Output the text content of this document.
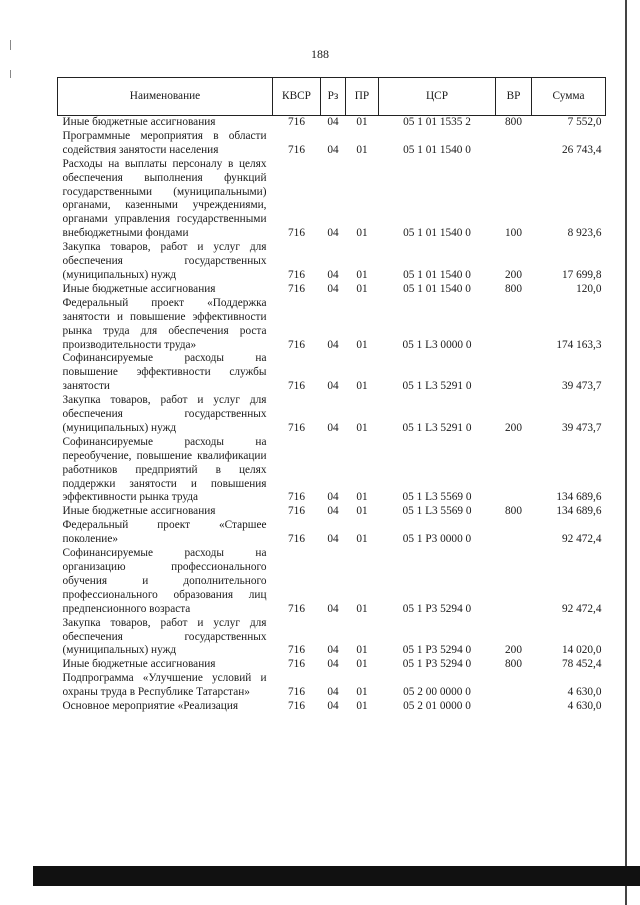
188
Наименование	КВСР	Рз	ПР	ЦСР	ВР	Сумма
Иные бюджетные ассигнования	716	04	01	05 1 01 1535 2	800	7 552,0
Программные мероприятия в области содействия занятости населения	716	04	01	05 1 01 1540 0		26 743,4
Расходы на выплаты персоналу в целях обеспечения выполнения функций государственными (муниципальными) органами, казенными учреждениями, органами управления государственными внебюджетными фондами	716	04	01	05 1 01 1540 0	100	8 923,6
Закупка товаров, работ и услуг для обеспечения государственных (муниципальных) нужд	716	04	01	05 1 01 1540 0	200	17 699,8
Иные бюджетные ассигнования	716	04	01	05 1 01 1540 0	800	120,0
Федеральный проект «Поддержка занятости и повышение эффективности рынка труда для обеспечения роста производительности труда»	716	04	01	05 1 L3 0000 0		174 163,3
Софинансируемые расходы на повышение эффективности службы занятости	716	04	01	05 1 L3 5291 0		39 473,7
Закупка товаров, работ и услуг для обеспечения государственных (муниципальных) нужд	716	04	01	05 1 L3 5291 0	200	39 473,7
Софинансируемые расходы на переобучение, повышение квалификации работников предприятий в целях поддержки занятости и повышения эффективности рынка труда	716	04	01	05 1 L3 5569 0		134 689,6
Иные бюджетные ассигнования	716	04	01	05 1 L3 5569 0	800	134 689,6
Федеральный проект «Старшее поколение»	716	04	01	05 1 P3 0000 0		92 472,4
Софинансируемые расходы на организацию профессионального обучения и дополнительного профессионального образования лиц предпенсионного возраста	716	04	01	05 1 P3 5294 0		92 472,4
Закупка товаров, работ и услуг для обеспечения государственных (муниципальных) нужд	716	04	01	05 1 P3 5294 0	200	14 020,0
Иные бюджетные ассигнования	716	04	01	05 1 P3 5294 0	800	78 452,4
Подпрограмма «Улучшение условий и охраны труда в Республике Татарстан»	716	04	01	05 2 00 0000 0		4 630,0
Основное мероприятие «Реализация	716	04	01	05 2 01 0000 0		4 630,0
